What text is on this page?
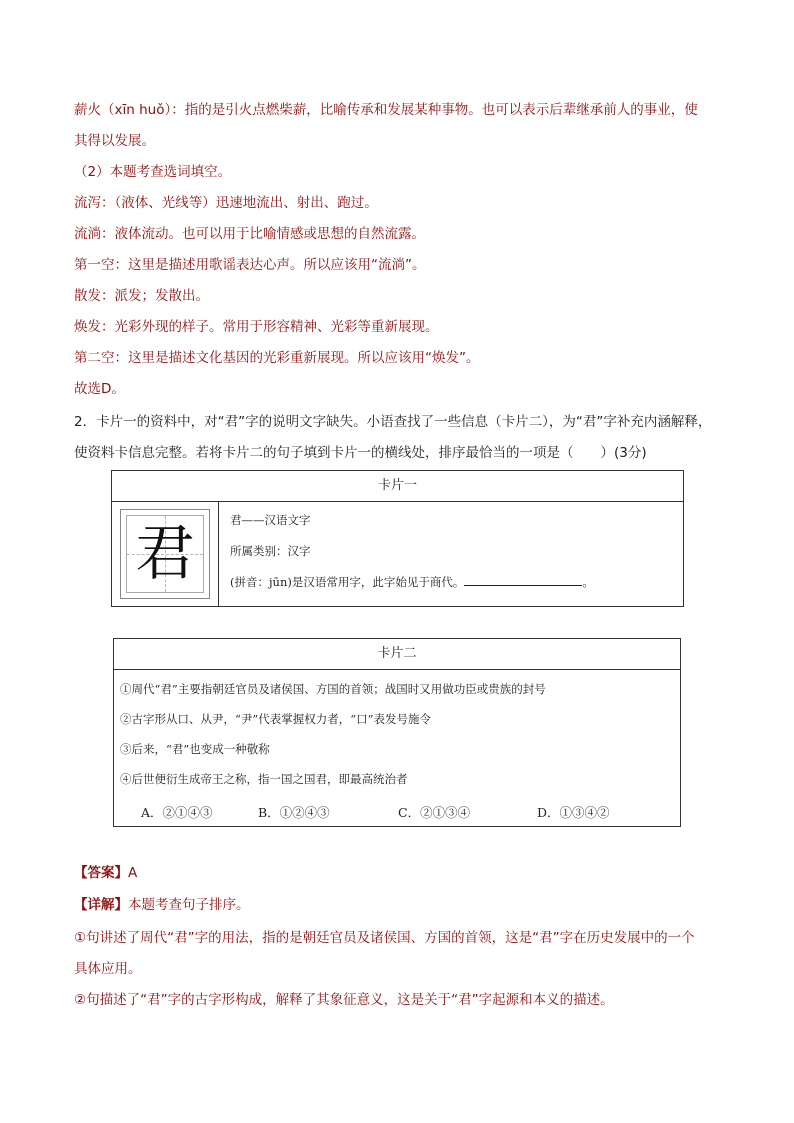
薪火（xīn huǒ）：指的是引火点燃柴薪，比喻传承和发展某种事物。也可以表示后辈继承前人的事业，使
其得以发展。
（2）本题考查选词填空。
流泻：（液体、光线等）迅速地流出、射出、跑过。
流淌：液体流动。也可以用于比喻情感或思想的自然流露。
第一空：这里是描述用歌谣表达心声。所以应该用“流淌”。
散发：派发；发散出。
焕发：光彩外现的样子。常用于形容精神、光彩等重新展现。
第二空：这里是描述文化基因的光彩重新展现。所以应该用“焕发”。
故选D。
2．卡片一的资料中，对“君”字的说明文字缺失。小语查找了一些信息（卡片二），为“君”字补充内涵解释，
使资料卡信息完整。若将卡片二的句子填到卡片一的横线处，排序最恰当的一项是（　　）(3分)
卡片一
君	君——汉语文字
所属类别：汉字
(拼音：jūn)是汉语常用字，此字始见于商代。	。
卡片二
①周代“君”主要指朝廷官员及诸侯国、方国的首领；战国时又用做功臣或贵族的封号
②古字形从口、从尹，“尹”代表掌握权力者，“口”表发号施令
③后来，“君”也变成一种敬称
④后世便衍生成帝王之称，指一国之国君，即最高统治者
A．②①④③	B．①②④③	C．②①③④	D．①③④②
【答案】A
【详解】本题考查句子排序。
①句讲述了周代“君”字的用法，指的是朝廷官员及诸侯国、方国的首领，这是“君”字在历史发展中的一个
具体应用。
②句描述了“君”字的古字形构成，解释了其象征意义，这是关于“君”字起源和本义的描述。
